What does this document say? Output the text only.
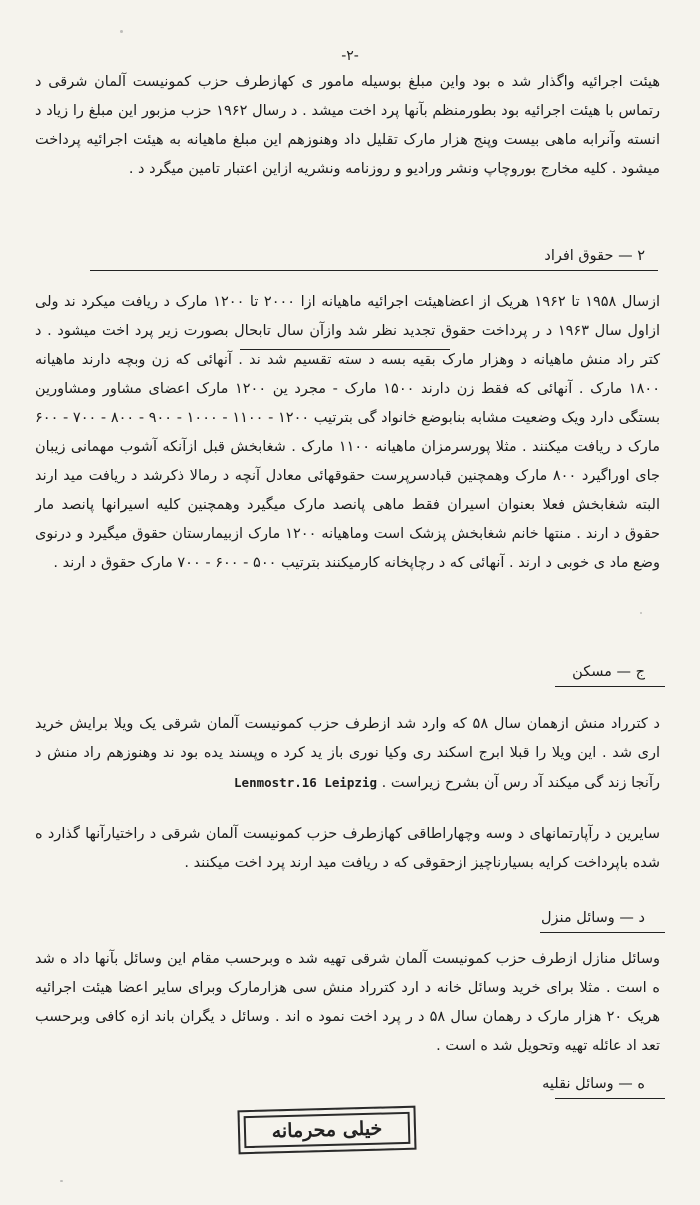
-۲-
هیئت اجرائیه واگذار شد ه بود واین مبلغ بوسیله مامور ی کهازطرف حزب کمونیست آلمان شرقی د رتماس با هیئت اجرائیه بود بطورمنظم بآنها پرد اخت میشد . د رسال ۱۹۶۲ حزب مزبور این مبلغ را زیاد د انسته وآنرابه ماهی بیست وپنج هزار مارک تقلیل داد وهنوزهم این مبلغ ماهیانه به هیئت اجرائیه پرداخت میشود . کلیه مخارج بوروچاپ ونشر ورادیو و روزنامه ونشریه ازاین اعتبار تامین میگرد د .
۲ — حقوق افراد
ازسال ۱۹۵۸ تا ۱۹۶۲ هریک از اعضاهیئت اجرائیه ماهیانه ازا ۲۰۰۰ تا ۱۲۰۰ مارک د ریافت میکرد ند ولی ازاول سال ۱۹۶۳ د ر پرداخت حقوق تجدید نظر شد وازآن سال تابحال بصورت زیر پرد اخت میشود . د کتر راد منش ماهیانه د وهزار مارک بقیه بسه د سته تقسیم شد ند . آنهائی که زن وبچه دارند ماهیانه ۱۸۰۰ مارک . آنهائی که فقط زن دارند ۱۵۰۰ مارک - مجرد ین ۱۲۰۰ مارک اعضای مشاور ومشاورین بستگی دارد ویک وضعیت مشابه بنابوضع خانواد گی بترتیب ۱۲۰۰ - ۱۱۰۰ - ۱۰۰۰ - ۹۰۰ - ۸۰۰ - ۷۰۰ - ۶۰۰ مارک د ریافت میکنند . مثلا پورسرمزان ماهیانه ۱۱۰۰ مارک . شغابخش قبل ازآنکه آشوب مهمانی زیبان جای اوراگیرد ۸۰۰ مارک وهمچنین قبادسرپرست حقوقهائی معادل آنچه د رمالا ذکرشد د ریافت مید ارند البته شغابخش فعلا بعنوان اسیران فقط ماهی پانصد مارک میگیرد وهمچنین کلیه اسیرانها پانصد مار حقوق د ارند . منتها خانم شغابخش پزشک است وماهیانه ۱۲۰۰ مارک ازبیمارستان حقوق میگیرد و درنوی وضع ماد ی خوبی د ارند . آنهائی که د رچاپخانه کارمیکنند بترتیب ۵۰۰ - ۶۰۰ - ۷۰۰ مارک حقوق د ارند .
ج — مسکن
د کترراد منش ازهمان سال ۵۸ که وارد شد ازطرف حزب کمونیست آلمان شرقی یک ویلا برایش خرید اری شد . این ویلا را قبلا ابرج اسکند ری وکیا نوری باز ید کرد ه وپسند یده بود ند وهنوزهم راد منش د رآنجا زند گی میکند آد رس آن بشرح زیراست . Lenmostr.16 Leipzig
سایرین د رآپارتمانهای د وسه وچهاراطاقی کهازطرف حزب کمونیست آلمان شرقی د راختیارآنها گذارد ه شده باپرداخت کرایه بسیارناچیز ازحقوقی که د ریافت مید ارند پرد اخت میکنند .
د — وسائل منزل
وسائل منازل ازطرف حزب کمونیست آلمان شرقی تهیه شد ه وبرحسب مقام این وسائل بآنها داد ه شد ه است . مثلا برای خرید وسائل خانه د ارد کترراد منش سی هزارمارک وبرای سایر اعضا هیئت اجرائیه هریک ۲۰ هزار مارک د رهمان سال ۵۸ د ر پرد اخت نمود ه اند . وسائل د یگران باند ازه کافی وبرحسب تعد اد عائله تهیه وتحویل شد ه است .
ه — وسائل نقلیه
خیلی محرمانه
